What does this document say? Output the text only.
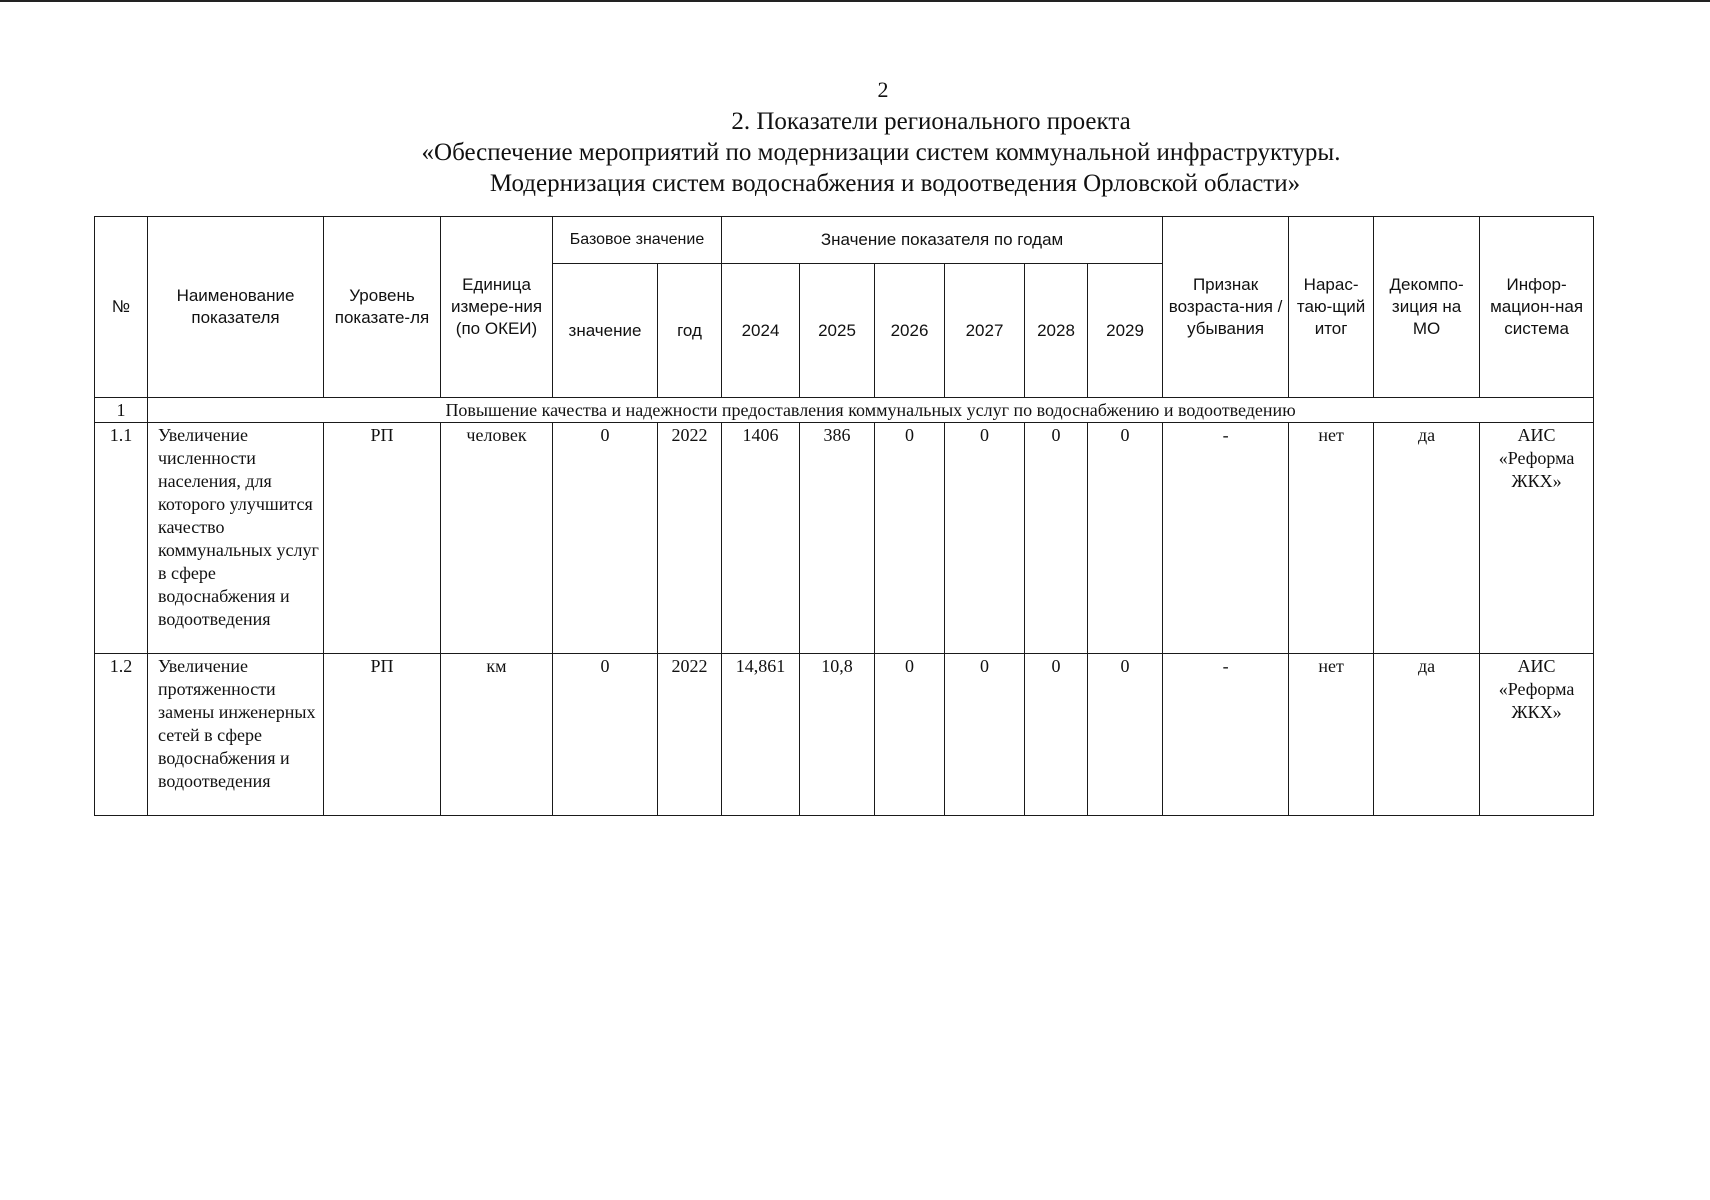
2
2. Показатели регионального проекта
«Обеспечение мероприятий по модернизации систем коммунальной инфраструктуры.
Модернизация систем водоснабжения и водоотведения Орловской области»
№	Наименование показателя	Уровень показате-ля	Единица измере-ния (по ОКЕИ)	Базовое значение		Значение показателя по годам						Признак возраста-ния / убывания	Нарас-таю-щий итог	Декомпо-зиция на МО	Инфор-мацион-ная система
				значение	год	2024	2025	2026	2027	2028	2029				
1	Повышение качества и надежности предоставления коммунальных услуг по водоснабжению и водоотведению														
1.1	Увеличение численности населения, для которого улучшится качество коммунальных услуг в сфере водоснабжения и водоотведения	РП	человек	0	2022	1406	386	0	0	0	0	-	нет	да	АИС «Реформа ЖКХ»
1.2	Увеличение протяженности замены инженерных сетей в сфере водоснабжения и водоотведения	РП	км	0	2022	14,861	10,8	0	0	0	0	-	нет	да	АИС «Реформа ЖКХ»
